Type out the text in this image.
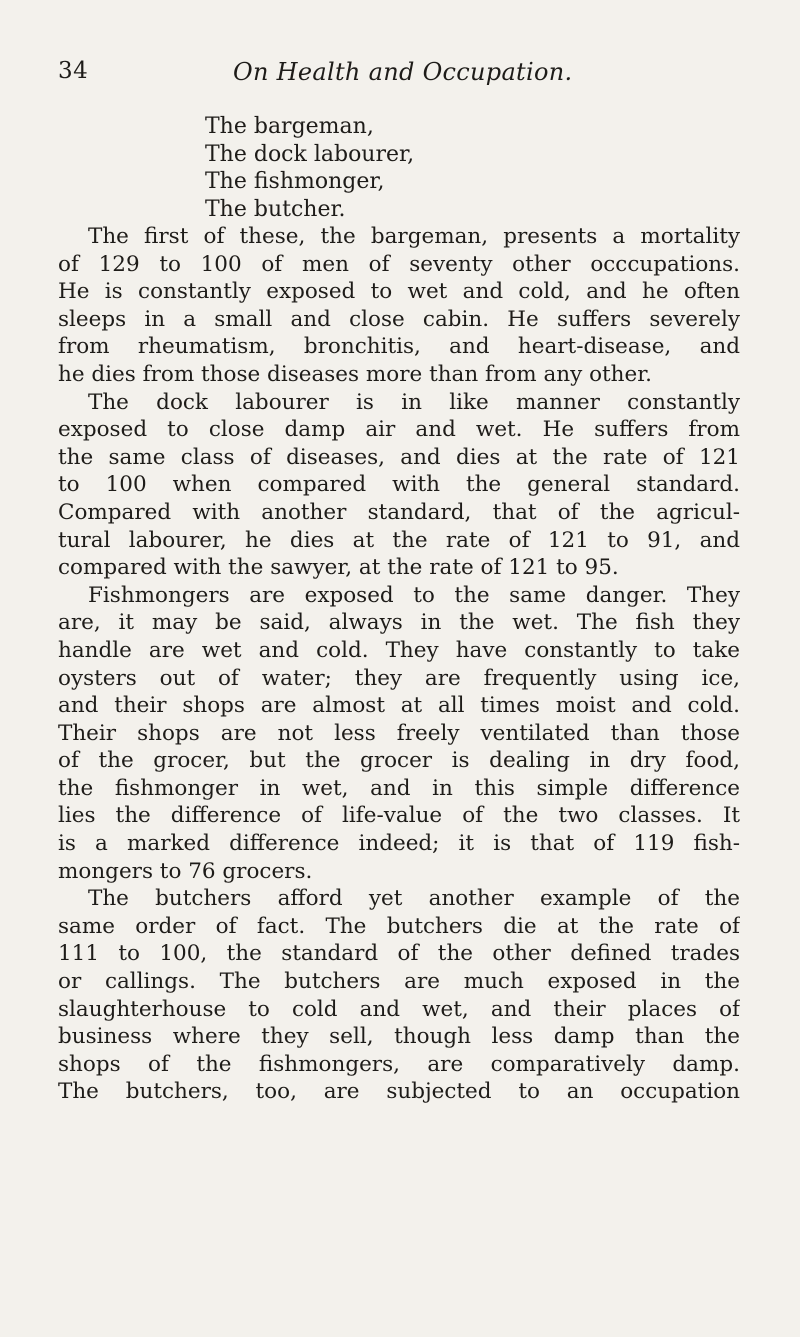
34	On Health and Occupation.
The bargeman,
The dock labourer,
The fishmonger,
The butcher.
The first of these, the bargeman, presents a mortality
of 129 to 100 of men of seventy other occcupations.
He is constantly exposed to wet and cold, and he often
sleeps in a small and close cabin. He suffers severely
from rheumatism, bronchitis, and heart-disease, and
he dies from those diseases more than from any other.
The dock labourer is in like manner constantly
exposed to close damp air and wet. He suffers from
the same class of diseases, and dies at the rate of 121
to 100 when compared with the general standard.
Compared with another standard, that of the agricul-
tural labourer, he dies at the rate of 121 to 91, and
compared with the sawyer, at the rate of 121 to 95.
Fishmongers are exposed to the same danger. They
are, it may be said, always in the wet. The fish they
handle are wet and cold. They have constantly to take
oysters out of water; they are frequently using ice,
and their shops are almost at all times moist and cold.
Their shops are not less freely ventilated than those
of the grocer, but the grocer is dealing in dry food,
the fishmonger in wet, and in this simple difference
lies the difference of life-value of the two classes. It
is a marked difference indeed; it is that of 119 fish-
mongers to 76 grocers.
The butchers afford yet another example of the
same order of fact. The butchers die at the rate of
111 to 100, the standard of the other defined trades
or callings. The butchers are much exposed in the
slaughterhouse to cold and wet, and their places of
business where they sell, though less damp than the
shops of the fishmongers, are comparatively damp.
The butchers, too, are subjected to an occupation
